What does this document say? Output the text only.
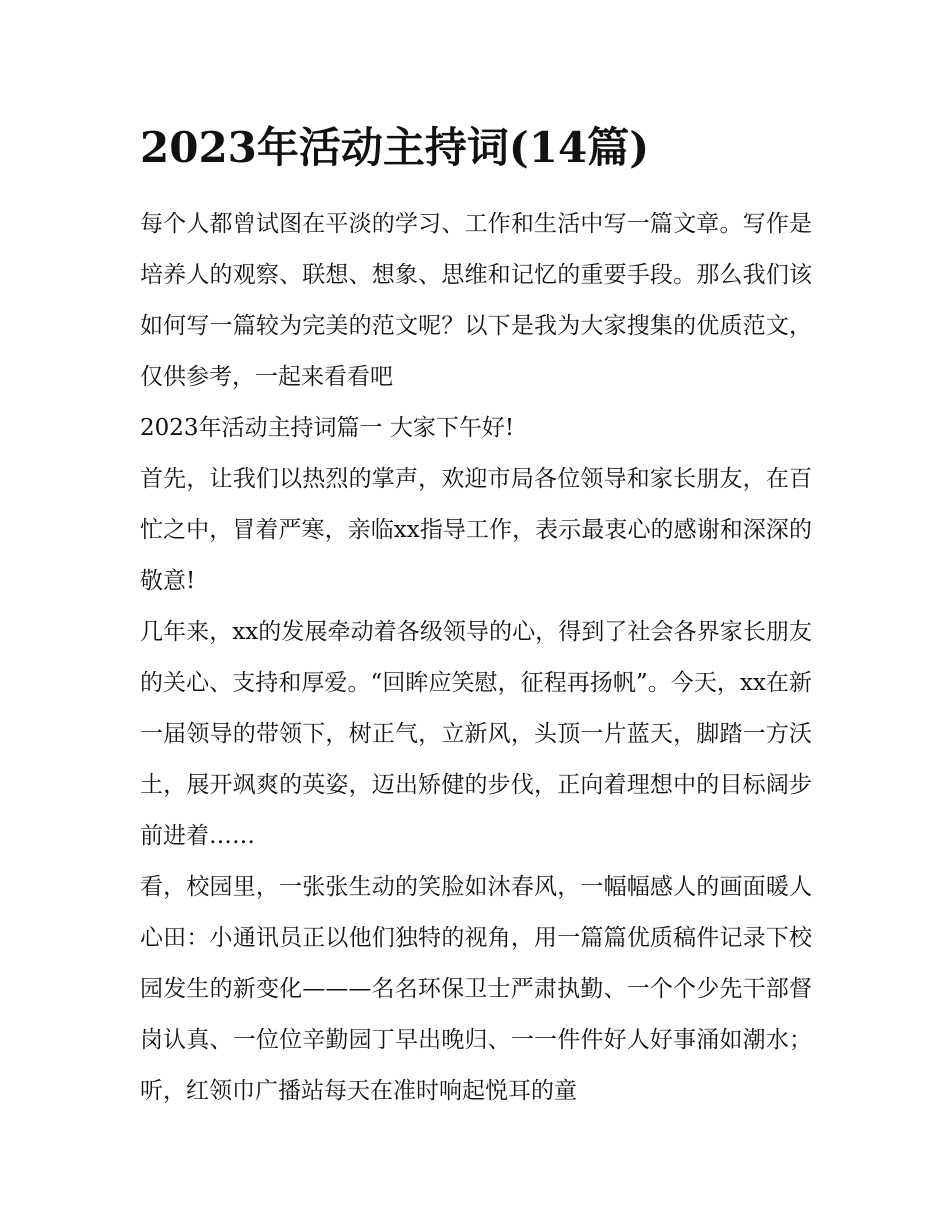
2023年活动主持词(14篇)

每个人都曾试图在平淡的学习、工作和生活中写一篇文章。写作是培养人的观察、联想、想象、思维和记忆的重要手段。那么我们该如何写一篇较为完美的范文呢？以下是我为大家搜集的优质范文，仅供参考，一起来看看吧

2023年活动主持词篇一 大家下午好!

首先，让我们以热烈的掌声，欢迎市局各位领导和家长朋友，在百忙之中，冒着严寒，亲临xx指导工作，表示最衷心的感谢和深深的敬意!

几年来，xx的发展牵动着各级领导的心，得到了社会各界家长朋友的关心、支持和厚爱。“回眸应笑慰，征程再扬帆”。今天，xx在新一届领导的带领下，树正气，立新风，头顶一片蓝天，脚踏一方沃土，展开飒爽的英姿，迈出矫健的步伐，正向着理想中的目标阔步前进着……

看，校园里，一张张生动的笑脸如沐春风，一幅幅感人的画面暖人心田：小通讯员正以他们独特的视角，用一篇篇优质稿件记录下校园发生的新变化———名名环保卫士严肃执勤、一个个少先干部督岗认真、一位位辛勤园丁早出晚归、一一件件好人好事涌如潮水；听，红领巾广播站每天在准时响起悦耳的童
